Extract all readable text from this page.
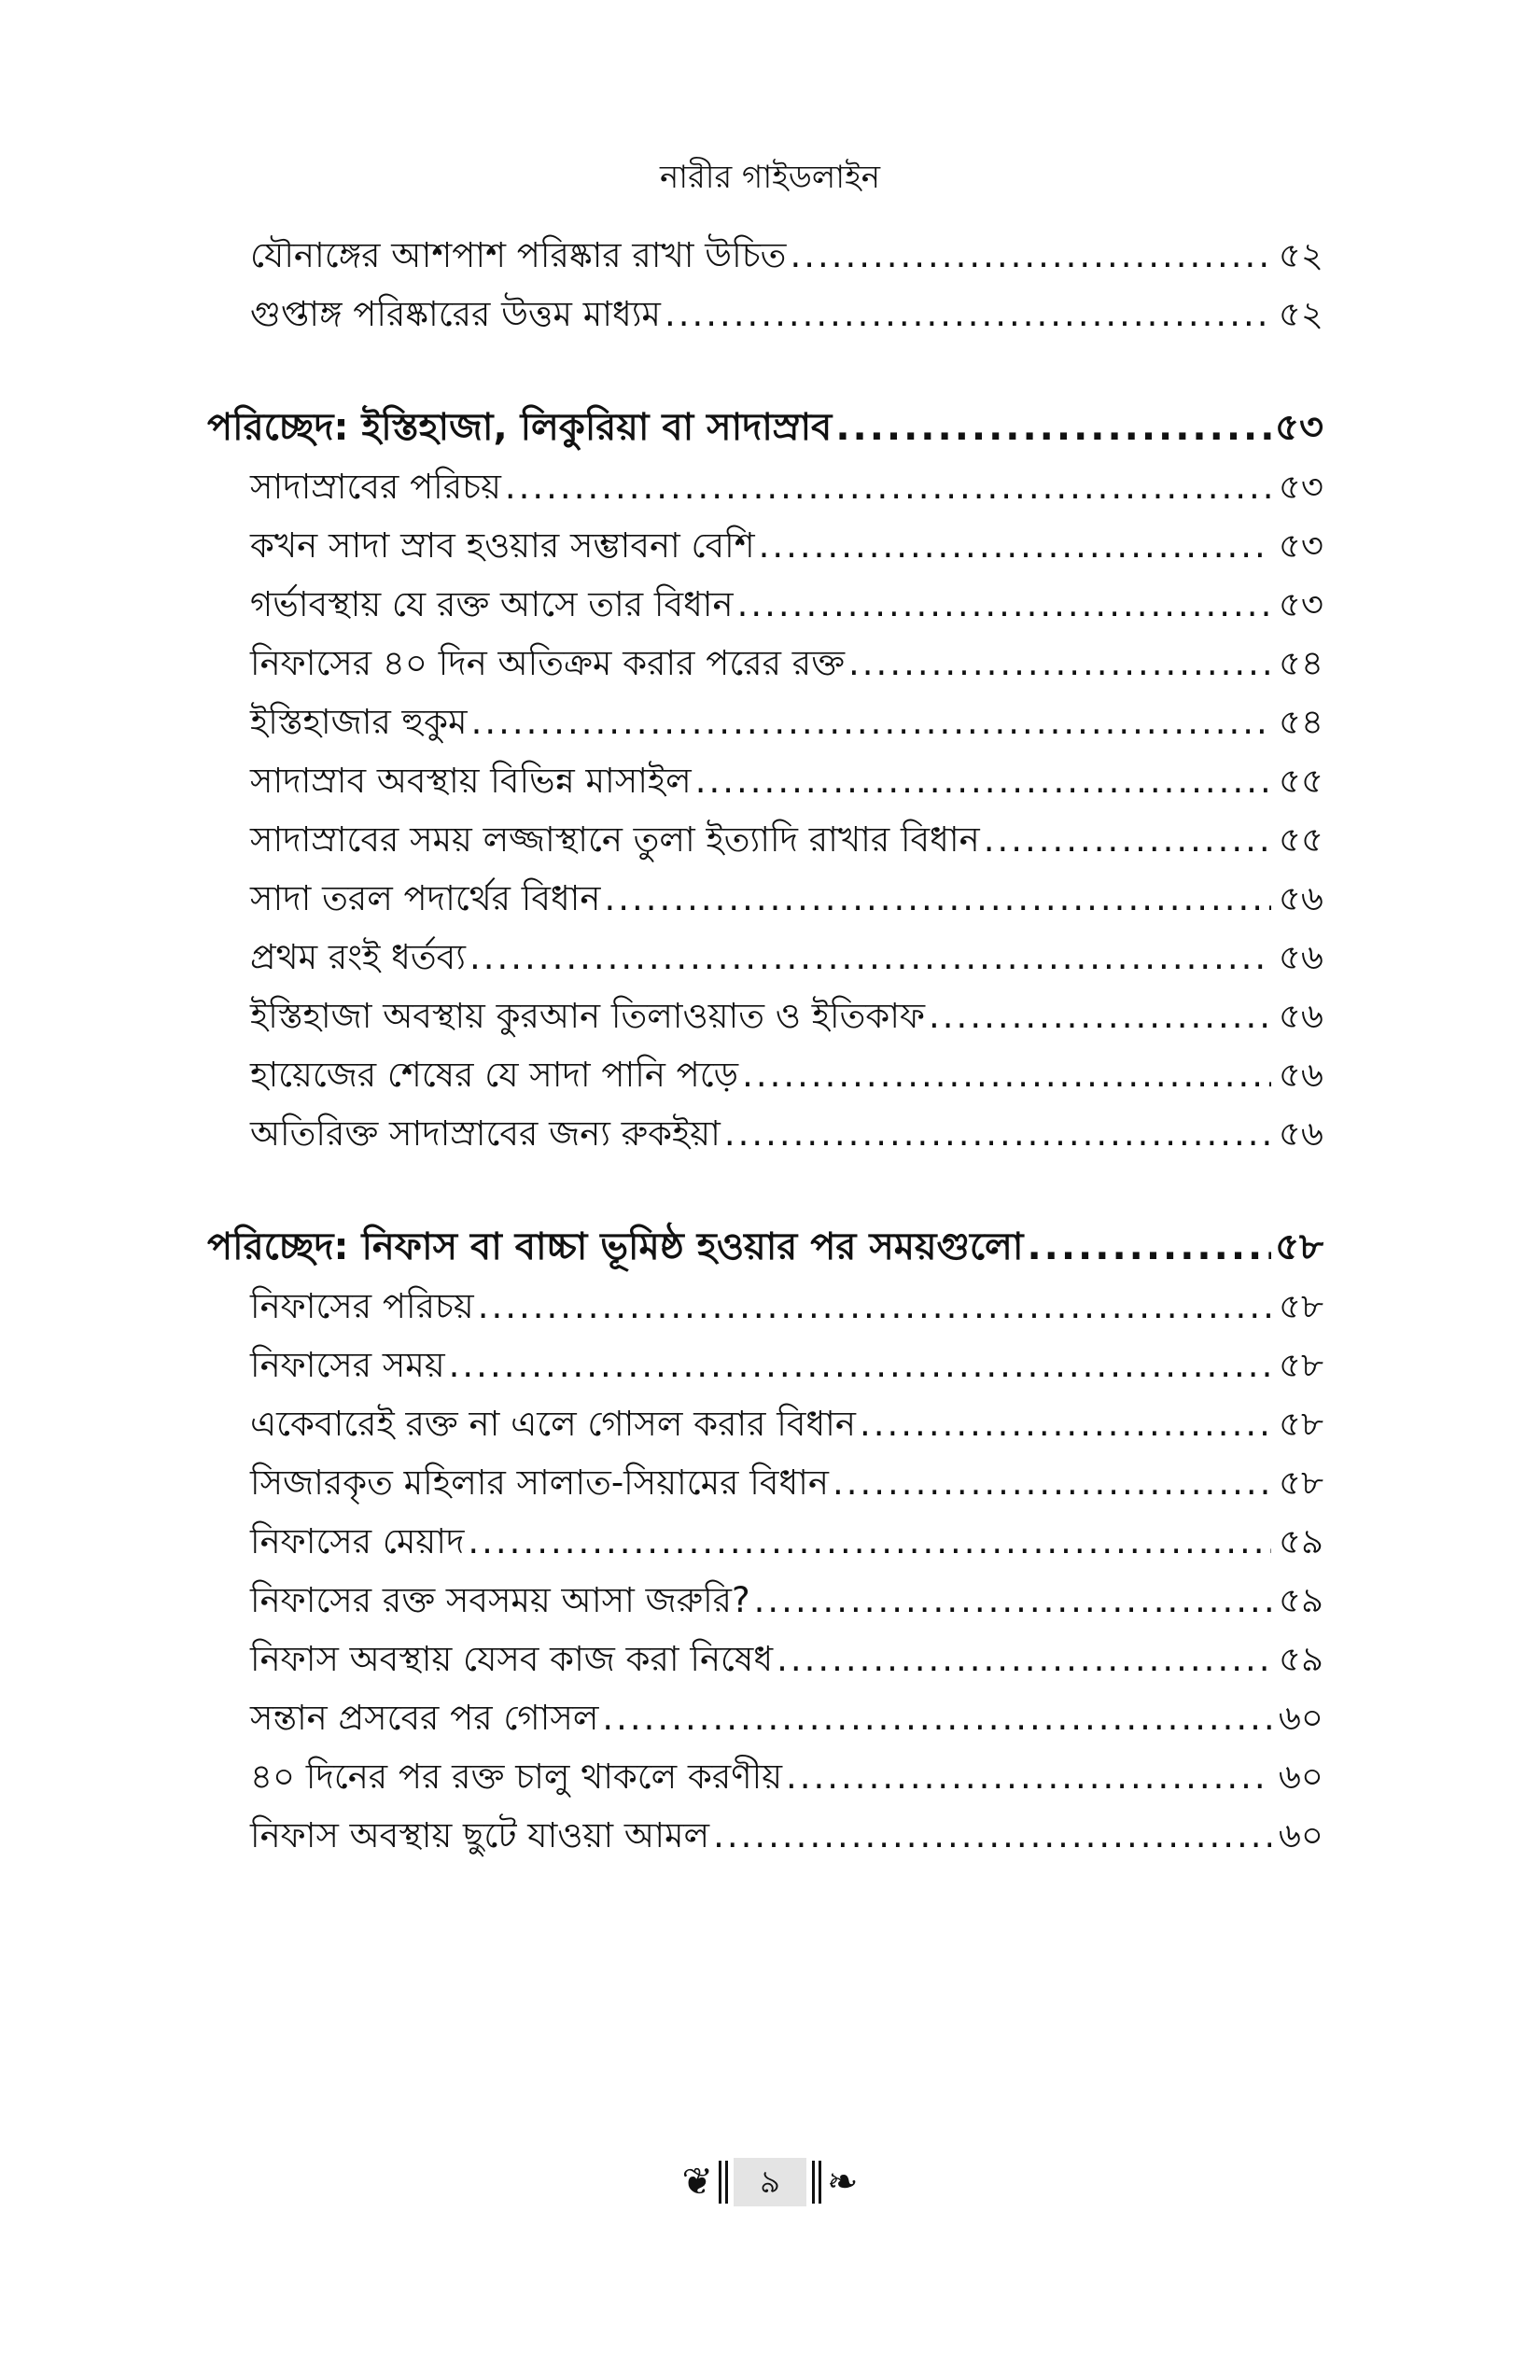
নারীর গাইডলাইন
যৌনাঙ্গের আশপাশ পরিষ্কার রাখা উচিত .....	৫২
গুপ্তাঙ্গ পরিষ্কারের উত্তম মাধ্যম .....	৫২
পরিচ্ছেদ: ইস্তিহাজা, লিকুরিয়া বা সাদাস্রাব .....	৫৩
সাদাস্রাবের পরিচয় .....	৫৩
কখন সাদা স্রাব হওয়ার সম্ভাবনা বেশি .....	৫৩
গর্ভাবস্থায় যে রক্ত আসে তার বিধান .....	৫৩
নিফাসের ৪০ দিন অতিক্রম করার পরের রক্ত .....	৫৪
ইস্তিহাজার হুকুম .....	৫৪
সাদাস্রাব অবস্থায় বিভিন্ন মাসাইল .....	৫৫
সাদাস্রাবের সময় লজ্জাস্থানে তুলা ইত্যাদি রাখার বিধান .....	৫৫
সাদা তরল পদার্থের বিধান .....	৫৬
প্রথম রংই ধর্তব্য .....	৫৬
ইস্তিহাজা অবস্থায় কুরআন তিলাওয়াত ও ইতিকাফ .....	৫৬
হায়েজের শেষের যে সাদা পানি পড়ে .....	৫৬
অতিরিক্ত সাদাস্রাবের জন্য রুকইয়া .....	৫৬
পরিচ্ছেদ: নিফাস বা বাচ্চা ভূমিষ্ঠ হওয়ার পর সময়গুলো .....	৫৮
নিফাসের পরিচয় .....	৫৮
নিফাসের সময় .....	৫৮
একেবারেই রক্ত না এলে গোসল করার বিধান .....	৫৮
সিজারকৃত মহিলার সালাত-সিয়ামের বিধান .....	৫৮
নিফাসের মেয়াদ .....	৫৯
নিফাসের রক্ত সবসময় আসা জরুরি? .....	৫৯
নিফাস অবস্থায় যেসব কাজ করা নিষেধ .....	৫৯
সন্তান প্রসবের পর গোসল .....	৬০
৪০ দিনের পর রক্ত চালু থাকলে করণীয় .....	৬০
নিফাস অবস্থায় ছুটে যাওয়া আমল .....	৬০
❦	৯	❧
